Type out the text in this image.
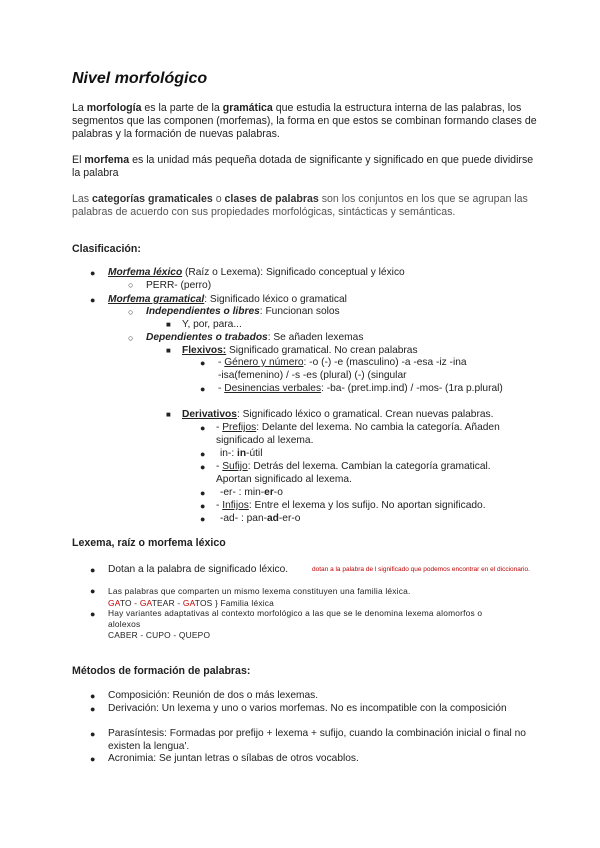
Nivel morfológico
La morfología es la parte de la gramática que estudia la estructura interna de las palabras, los segmentos que las componen (morfemas), la forma en que estos se combinan formando clases de palabras y la formación de nuevas palabras.
El morfema es la unidad más pequeña dotada de significante y significado en que puede dividirse la palabra
Las categorías gramaticales o clases de palabras son los conjuntos en los que se agrupan las palabras de acuerdo con sus propiedades morfológicas, sintácticas y semánticas.
Clasificación:
● Morfema léxico (Raíz o Lexema): Significado conceptual y léxico
○ PERR- (perro)
● Morfema gramatical: Significado léxico o gramatical
○ Independientes o libres: Funcionan solos
■ Y, por, para...
○ Dependientes o trabados: Se añaden lexemas
■ Flexivos: Significado gramatical. No crean palabras
● - Género y número: -o (-) -e (masculino) -a -esa -iz -ina
-isa(femenino) / -s -es (plural) (-) (singular
● - Desinencias verbales: -ba- (pret.imp.ind) / -mos- (1ra p.plural)
■ Derivativos: Significado léxico o gramatical. Crean nuevas palabras.
● - Prefijos: Delante del lexema. No cambia la categoría. Añaden
significado al lexema.
● in-: in-útil
● - Sufijo: Detrás del lexema. Cambian la categoría gramatical.
Aportan significado al lexema.
● -er- : min-er-o
● - Infijos: Entre el lexema y los sufijo. No aportan significado.
● -ad- : pan-ad-er-o
Lexema, raíz o morfema léxico
● Dotan a la palabra de significado léxico.	dotan a la palabra de l significado que podemos encontrar en el diccionario.
● Las palabras que comparten un mismo lexema constituyen una familia léxica.
GATO - GATEAR - GATOS } Familia léxica
● Hay variantes adaptativas al contexto morfológico a las que se le denomina lexema alomorfos o alolexos
CABER - CUPO - QUEPO
Métodos de formación de palabras:
● Composición: Reunión de dos o más lexemas.
● Derivación: Un lexema y uno o varios morfemas. No es incompatible con la composición
● Parasíntesis: Formadas por prefijo + lexema + sufijo, cuando la combinación inicial o final no existen la lengua'.
● Acronimia: Se juntan letras o sílabas de otros vocablos.
